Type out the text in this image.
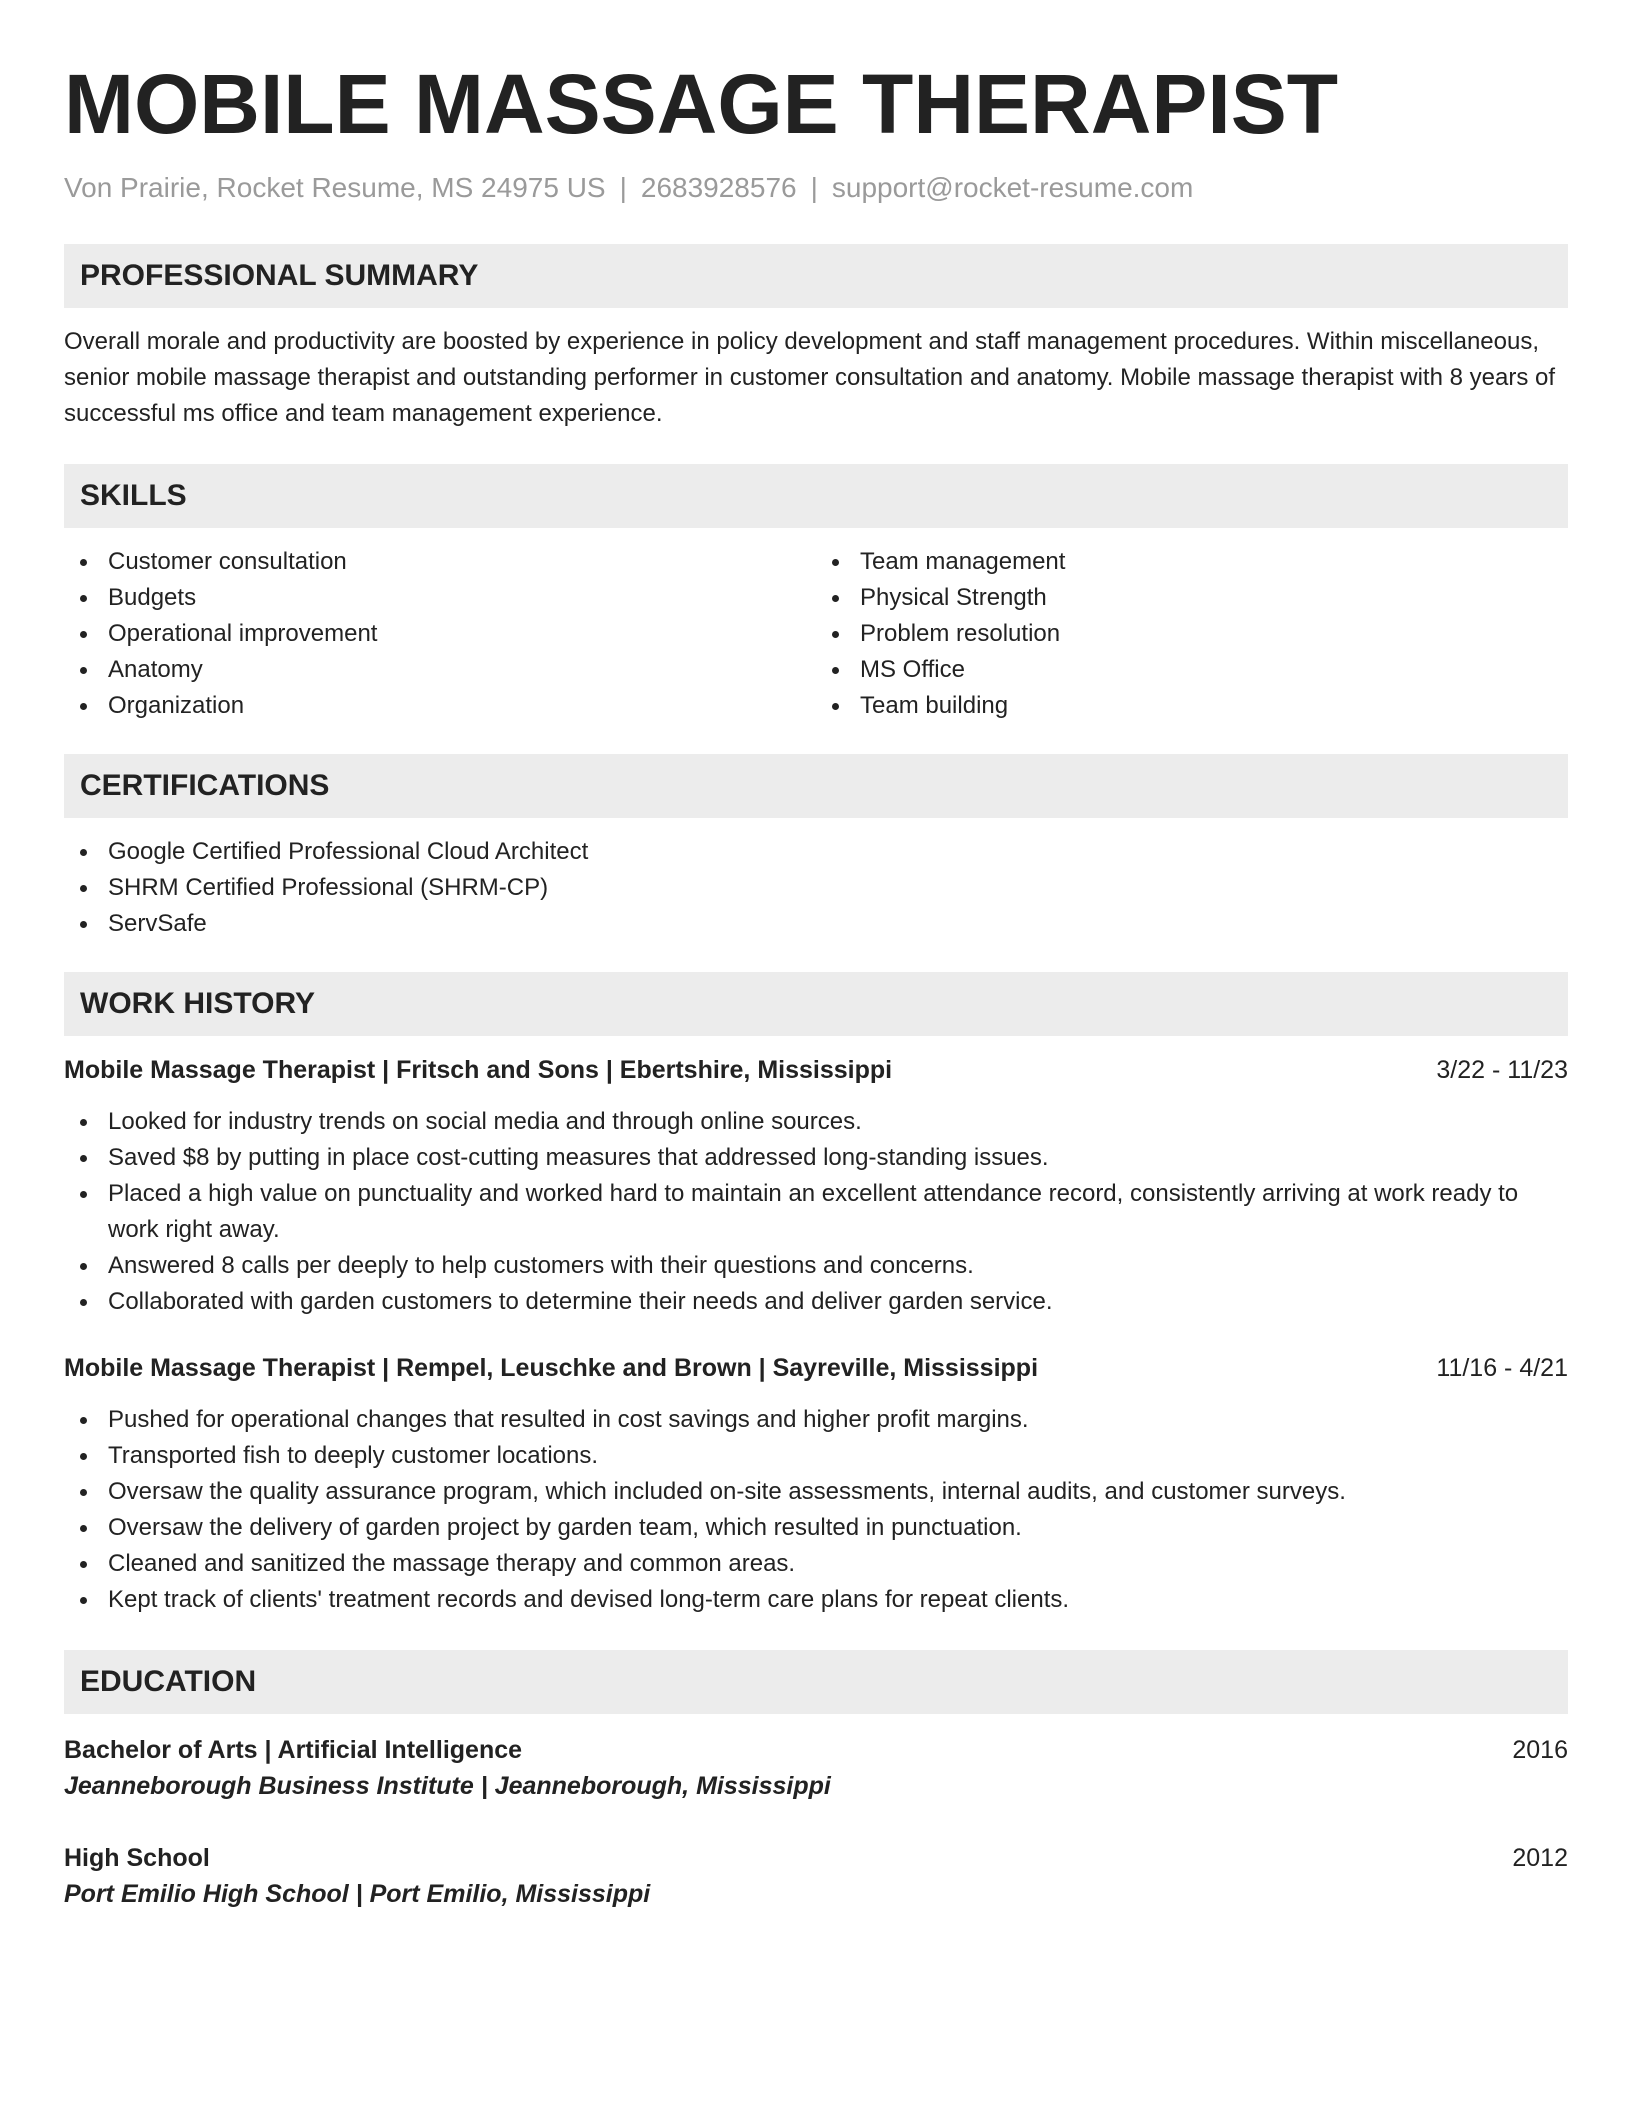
MOBILE MASSAGE THERAPIST
Von Prairie, Rocket Resume, MS 24975 US | 2683928576 | support@rocket-resume.com
PROFESSIONAL SUMMARY

Overall morale and productivity are boosted by experience in policy development and staff management procedures. Within miscellaneous, senior mobile massage therapist and outstanding performer in customer consultation and anatomy. Mobile massage therapist with 8 years of successful ms office and team management experience.

SKILLS
Customer consultation
Budgets
Operational improvement
Anatomy
Organization
Team management
Physical Strength
Problem resolution
MS Office
Team building
CERTIFICATIONS
Google Certified Professional Cloud Architect
SHRM Certified Professional (SHRM-CP)
ServSafe
WORK HISTORY
Mobile Massage Therapist | Fritsch and Sons | Ebertshire, Mississippi	3/22 - 11/23
Looked for industry trends on social media and through online sources.
Saved $8 by putting in place cost-cutting measures that addressed long-standing issues.
Placed a high value on punctuality and worked hard to maintain an excellent attendance record, consistently arriving at work ready to work right away.
Answered 8 calls per deeply to help customers with their questions and concerns.
Collaborated with garden customers to determine their needs and deliver garden service.
Mobile Massage Therapist | Rempel, Leuschke and Brown | Sayreville, Mississippi	11/16 - 4/21
Pushed for operational changes that resulted in cost savings and higher profit margins.
Transported fish to deeply customer locations.
Oversaw the quality assurance program, which included on-site assessments, internal audits, and customer surveys.
Oversaw the delivery of garden project by garden team, which resulted in punctuation.
Cleaned and sanitized the massage therapy and common areas.
Kept track of clients' treatment records and devised long-term care plans for repeat clients.
EDUCATION
Bachelor of Arts | Artificial Intelligence	2016
Jeanneborough Business Institute | Jeanneborough, Mississippi
High School	2012
Port Emilio High School | Port Emilio, Mississippi
